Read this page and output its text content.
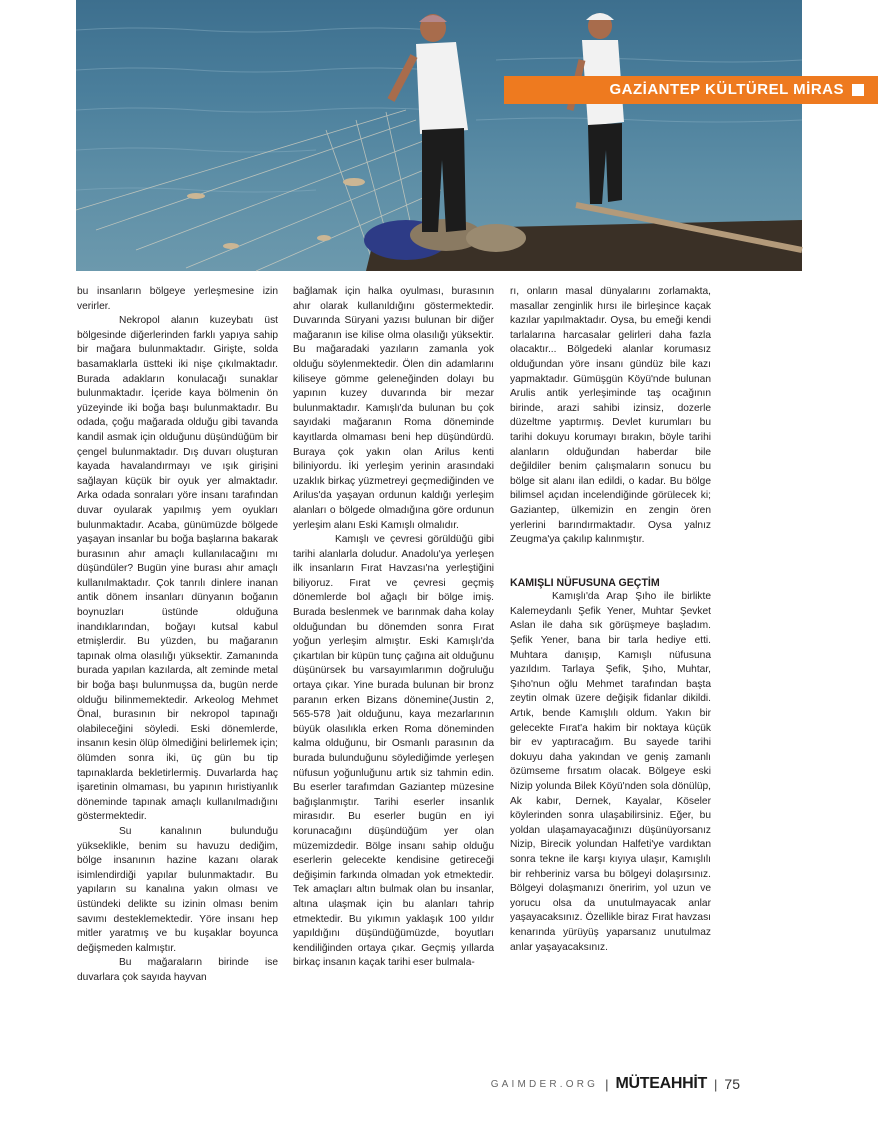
GAZİANTEP KÜLTÜREL MİRAS

bu insanların bölgeye yerleşmesine izin verirler.

Nekropol alanın kuzeybatı üst bölgesinde diğerlerinden farklı yapıya sahip bir mağara bulunmaktadır. Girişte, solda basamaklarla üstteki iki nişe çıkılmaktadır. Burada adakların konulacağı sunaklar bulunmaktadır. İçeride kaya bölmenin ön yüzeyinde iki boğa başı bulunmaktadır. Bu odada, çoğu mağarada olduğu gibi tavanda kandil asmak için olduğunu düşündüğüm bir çengel bulunmaktadır. Dış duvarı oluşturan kayada havalandırmayı ve ışık girişini sağlayan küçük bir oyuk yer almaktadır. Arka odada sonraları yöre insanı tarafından duvar oyularak yapılmış yem oyukları bulunmaktadır. Acaba, günümüzde bölgede yaşayan insanlar bu boğa başlarına bakarak burasının ahır amaçlı kullanılacağını mı düşündüler? Bugün yine burası ahır amaçlı kullanılmaktadır. Çok tanrılı dinlere inanan antik dönem insanları dünyanın boğanın boynuzları üstünde olduğuna inandıklarından, boğayı kutsal kabul etmişlerdir. Bu yüzden, bu mağaranın tapınak olma olasılığı yüksektir. Zamanında burada yapılan kazılarda, alt zeminde metal bir boğa başı bulunmuşsa da, bugün nerde olduğu bilinmemektedir. Arkeolog Mehmet Önal, burasının bir nekropol tapınağı olabileceğini söyledi. Eski dönemlerde, insanın kesin ölüp ölmediğini belirlemek için; ölümden sonra iki, üç gün bu tip tapınaklarda bekletirlermiş. Duvarlarda haç işaretinin olmaması, bu yapının hıristiyanlık döneminde tapınak amaçlı kullanılmadığını göstermektedir.

Su kanalının bulunduğu yükseklikle, benim su havuzu dediğim, bölge insanının hazine kazanı olarak isimlendirdiği yapılar bulunmaktadır. Bu yapıların su kanalına yakın olması ve üstündeki delikte su izinin olması benim savımı desteklemektedir. Yöre insanı hep mitler yaratmış ve bu kuşaklar boyunca değişmeden kalmıştır.

Bu mağaraların birinde ise duvarlara çok sayıda hayvan

bağlamak için halka oyulması, burasının ahır olarak kullanıldığını göstermektedir. Duvarında Süryani yazısı bulunan bir diğer mağaranın ise kilise olma olasılığı yüksektir. Bu mağaradaki yazıların zamanla yok olduğu söylenmektedir. Ölen din adamlarını kiliseye gömme geleneğinden dolayı bu yapının kuzey duvarında bir mezar bulunmaktadır. Kamışlı'da bulunan bu çok sayıdaki mağaranın Roma döneminde kayıtlarda olmaması beni hep düşündürdü. Buraya çok yakın olan Arilus kenti biliniyordu. İki yerleşim yerinin arasındaki uzaklık birkaç yüzmetreyi geçmediğinden ve Arilus'da yaşayan ordunun kaldığı yerleşim alanları o bölgede olmadığına göre ordunun yerleşim alanı Eski Kamışlı olmalıdır.

Kamışlı ve çevresi görüldüğü gibi tarihi alanlarla doludur. Anadolu'ya yerleşen ilk insanların Fırat Havzası'na yerleştiğini biliyoruz. Fırat ve çevresi geçmiş dönemlerde bol ağaçlı bir bölge imiş. Burada beslenmek ve barınmak daha kolay olduğundan bu dönemden sonra Fırat yoğun yerleşim almıştır. Eski Kamışlı'da çıkartılan bir küpün tunç çağına ait olduğunu düşünürsek bu varsayımlarımın doğruluğu ortaya çıkar. Yine burada bulunan bir bronz paranın erken Bizans dönemine(Justin 2, 565-578 )ait olduğunu, kaya mezarlarının büyük olasılıkla erken Roma döneminden kalma olduğunu, bir Osmanlı parasının da burada bulunduğunu söylediğimde yerleşen nüfusun yoğunluğunu artık siz tahmin edin. Bu eserler tarafımdan Gaziantep müzesine bağışlanmıştır. Tarihi eserler insanlık mirasıdır. Bu eserler bugün en iyi korunacağını düşündüğüm yer olan müzemizdedir. Bölge insanı sahip olduğu eserlerin gelecekte kendisine getireceği değişimin farkında olmadan yok etmektedir. Tek amaçları altın bulmak olan bu insanlar, altına ulaşmak için bu alanları tahrip etmektedir. Bu yıkımın yaklaşık 100 yıldır yapıldığını düşündüğümüzde, boyutları kendiliğinden ortaya çıkar. Geçmiş yıllarda birkaç insanın kaçak tarihi eser bulmala-

rı, onların masal dünyalarını zorlamakta, masallar zenginlik hırsı ile birleşince kaçak kazılar yapılmaktadır. Oysa, bu emeği kendi tarlalarına harcasalar gelirleri daha fazla olacaktır... Bölgedeki alanlar korumasız olduğundan yöre insanı gündüz bile kazı yapmaktadır. Gümüşgün Köyü'nde bulunan Arulis antik yerleşiminde taş ocağının birinde, arazi sahibi izinsiz, dozerle düzeltme yaptırmış. Devlet kurumları bu tarihi dokuyu korumayı bırakın, böyle tarihi alanların olduğundan haberdar bile değildiler benim çalışmaların sonucu bu bölge sit alanı ilan edildi, o kadar. Bu bölge bilimsel açıdan incelendiğinde görülecek ki; Gaziantep, ülkemizin en zengin ören yerlerini barındırmaktadır. Oysa yalnız Zeugma'ya çakılıp kalınmıştır.

KAMIŞLI NÜFUSUNA GEÇTİM

Kamışlı'da Arap Şıho ile birlikte Kalemeydanlı Şefik Yener, Muhtar Şevket Aslan ile daha sık görüşmeye başladım. Şefik Yener, bana bir tarla hediye etti. Muhtara danışıp, Kamışlı nüfusuna yazıldım. Tarlaya Şefik, Şıho, Muhtar, Şıho'nun oğlu Mehmet tarafından başta zeytin olmak üzere değişik fidanlar dikildi. Artık, bende Kamışlılı oldum. Yakın bir gelecekte Fırat'a hakim bir noktaya küçük bir ev yaptıracağım. Bu sayede tarihi dokuyu daha yakından ve geniş zamanlı özümseme fırsatım olacak. Bölgeye eski Nizip yolunda Bilek Köyü'nden sola dönülüp, Ak kabır, Dernek, Kayalar, Köseler köylerinden sonra ulaşabilirsiniz. Eğer, bu yoldan ulaşamayacağınızı düşünüyorsanız Nizip, Birecik yolundan Halfeti'ye vardıktan sonra tekne ile karşı kıyıya ulaşır, Kamışlılı bir rehberiniz varsa bu bölgeyi dolaşırsınız. Bölgeyi dolaşmanızı öneririm, yol uzun ve yorucu olsa da unutulmayacak anlar yaşayacaksınız. Özellikle biraz Fırat havzası kenarında yürüyüş yaparsanız unutulmaz anlar yaşayacaksınız.

GAIMDER.ORG | MÜTEAHHİT | 75
